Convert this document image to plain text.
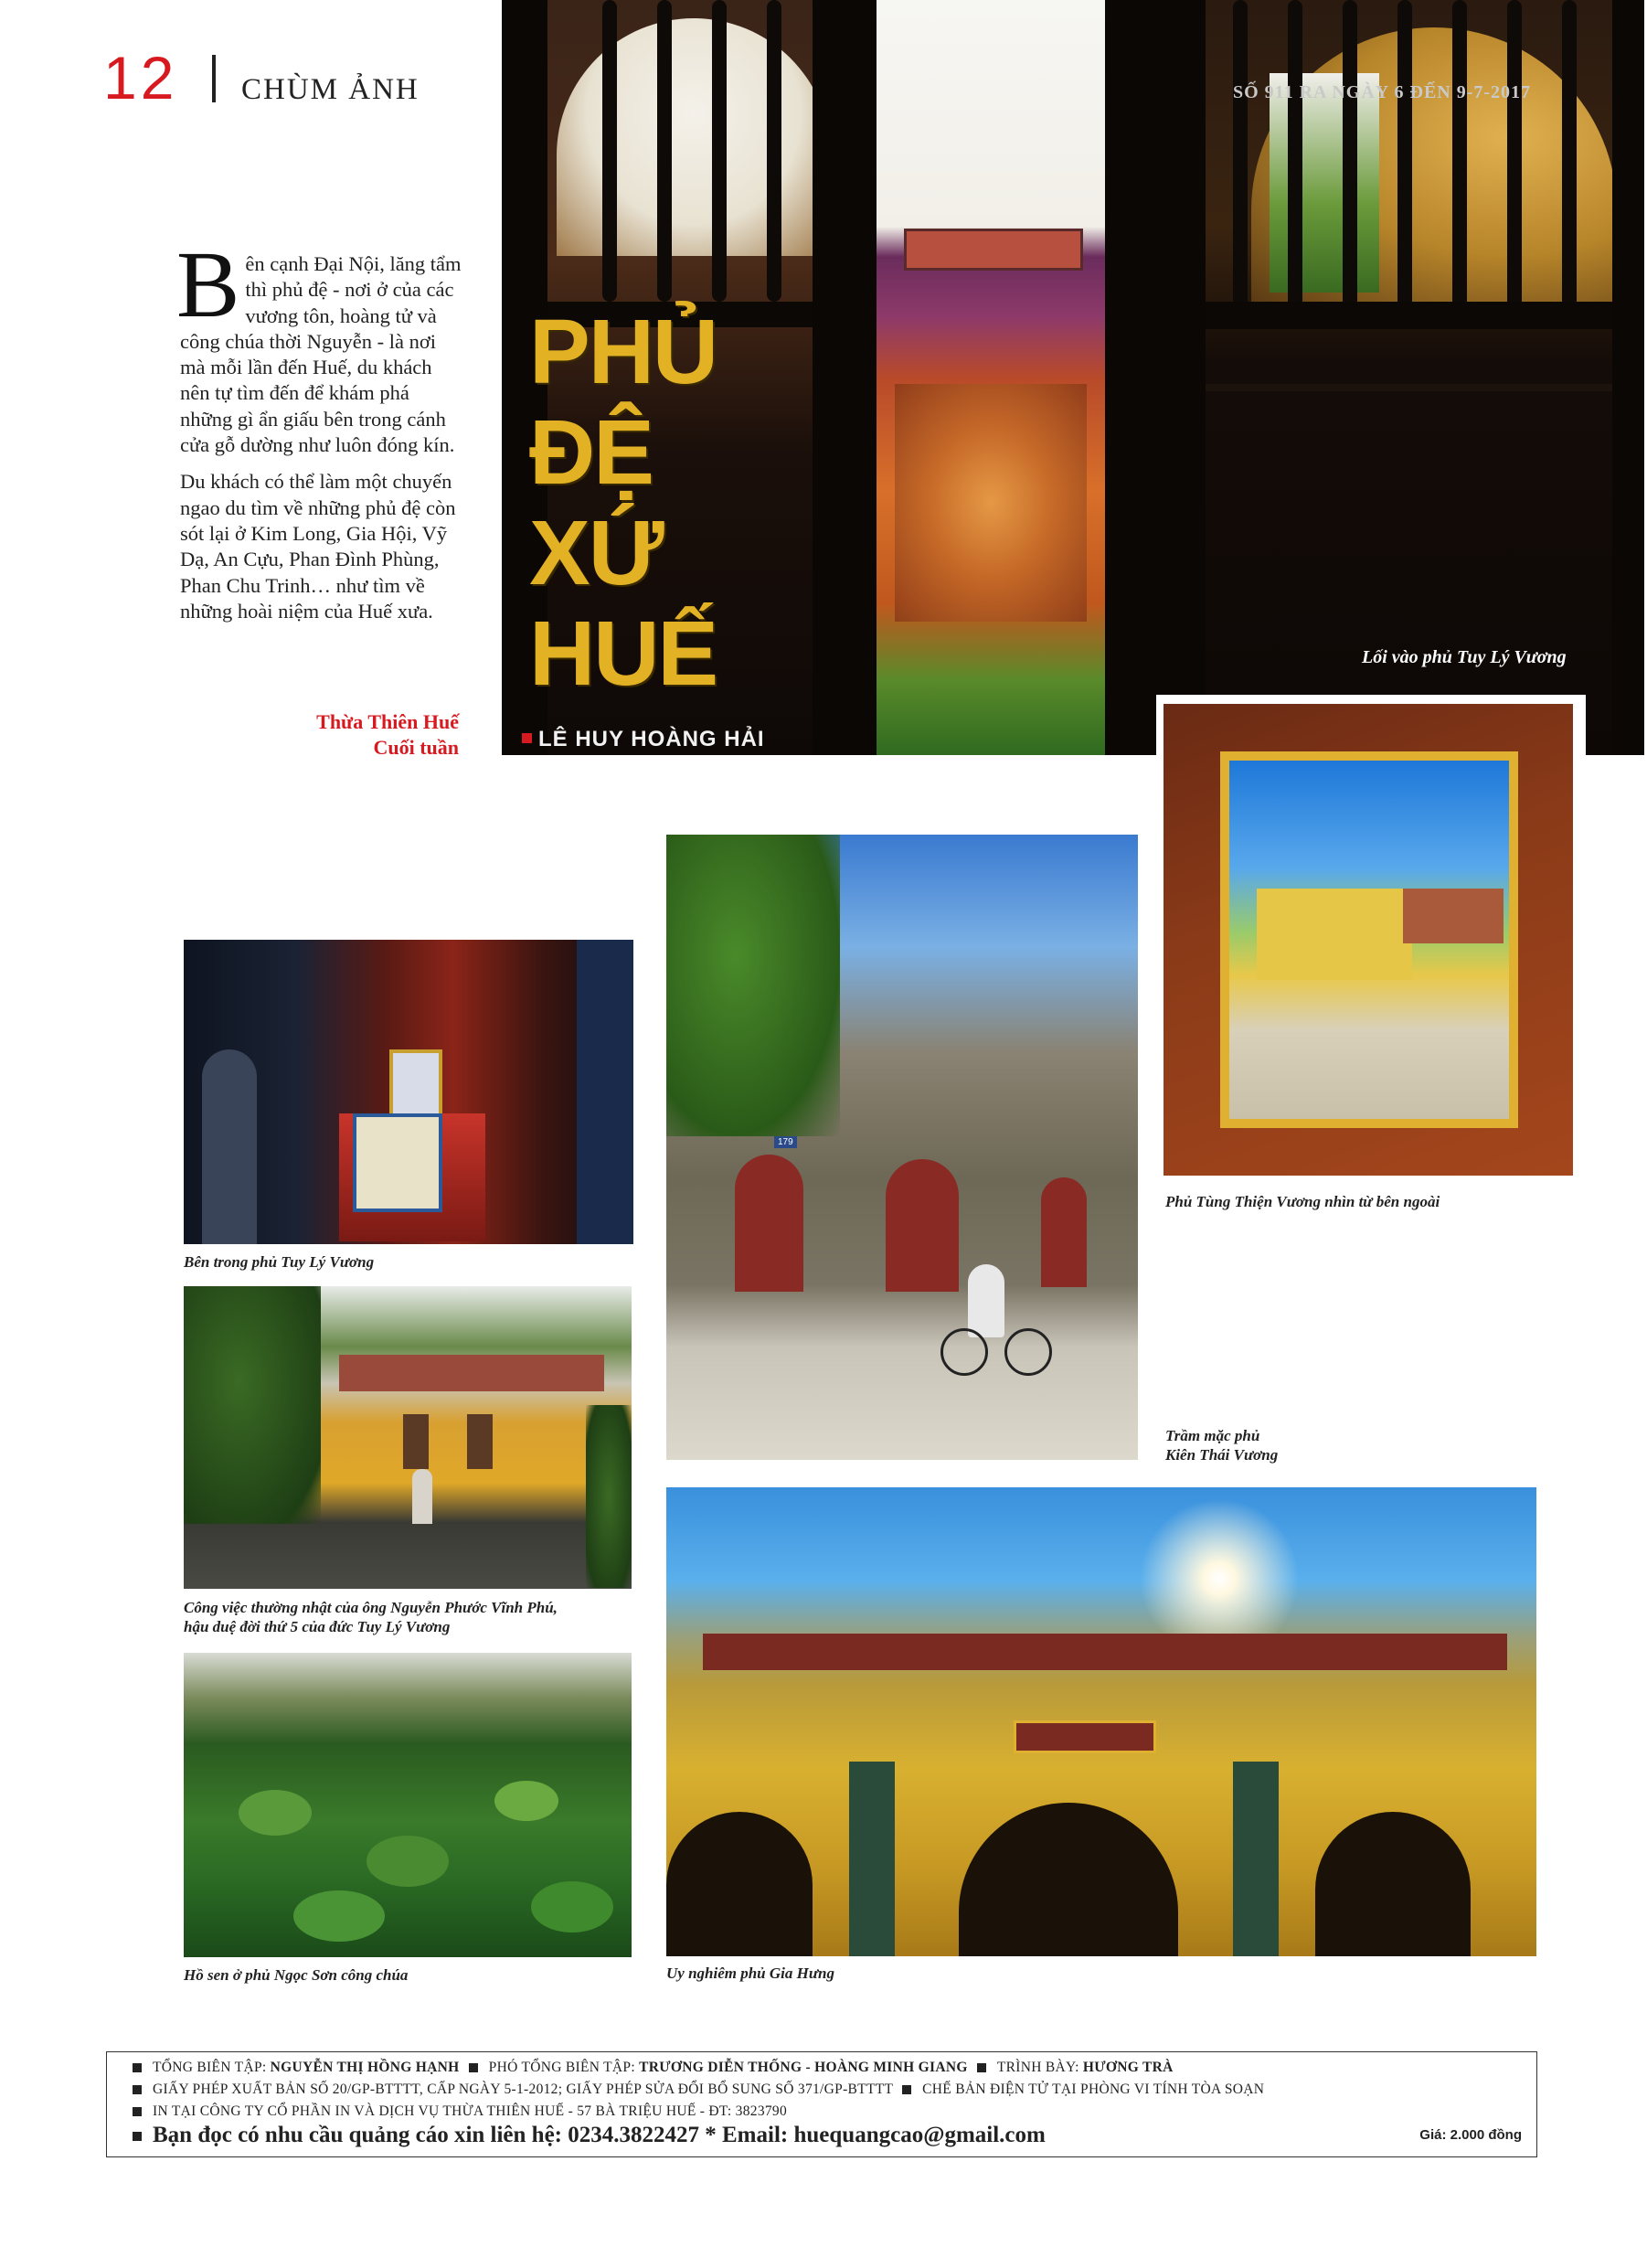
12 CHÙM ẢNH

Bên cạnh Đại Nội, lăng tẩm thì phủ đệ - nơi ở của các vương tôn, hoàng tử và công chúa thời Nguyễn - là nơi mà mỗi lần đến Huế, du khách nên tự tìm đến để khám phá những gì ẩn giấu bên trong cánh cửa gỗ dường như luôn đóng kín.

Du khách có thể làm một chuyến ngao du tìm về những phủ đệ còn sót lại ở Kim Long, Gia Hội, Vỹ Dạ, An Cựu, Phan Đình Phùng, Phan Chu Trinh… như tìm về những hoài niệm của Huế xưa.

Thừa Thiên Huế
Cuối tuần
PHỦ
ĐỆ
XỨ
HUẾ
LÊ HUY HOÀNG HẢI
SỐ 911 RA NGÀY 6 ĐẾN 9-7-2017
Lối vào phủ Tuy Lý Vương
Phủ Tùng Thiện Vương nhìn từ bên ngoài
179
Trầm mặc phủ
Kiên Thái Vương
Bên trong phủ Tuy Lý Vương
Công việc thường nhật của ông Nguyễn Phước Vĩnh Phú,
hậu duệ đời thứ 5 của đức Tuy Lý Vương
Hồ sen ở phủ Ngọc Sơn công chúa	Uy nghiêm phủ Gia Hưng
TỔNG BIÊN TẬP: NGUYỄN THỊ HỒNG HẠNH PHÓ TỔNG BIÊN TẬP: TRƯƠNG DIỄN THỐNG - HOÀNG MINH GIANG TRÌNH BÀY: HƯƠNG TRÀ
GIẤY PHÉP XUẤT BẢN SỐ 20/GP-BTTTT, CẤP NGÀY 5-1-2012; GIẤY PHÉP SỬA ĐỔI BỔ SUNG SỐ 371/GP-BTTTT CHẾ BẢN ĐIỆN TỬ TẠI PHÒNG VI TÍNH TÒA SOẠN
IN TẠI CÔNG TY CỔ PHẦN IN VÀ DỊCH VỤ THỪA THIÊN HUẾ - 57 BÀ TRIỆU HUẾ - ĐT: 3823790
Bạn đọc có nhu cầu quảng cáo xin liên hệ: 0234.3822427 * Email: huequangcao@gmail.com	Giá: 2.000 đồng
